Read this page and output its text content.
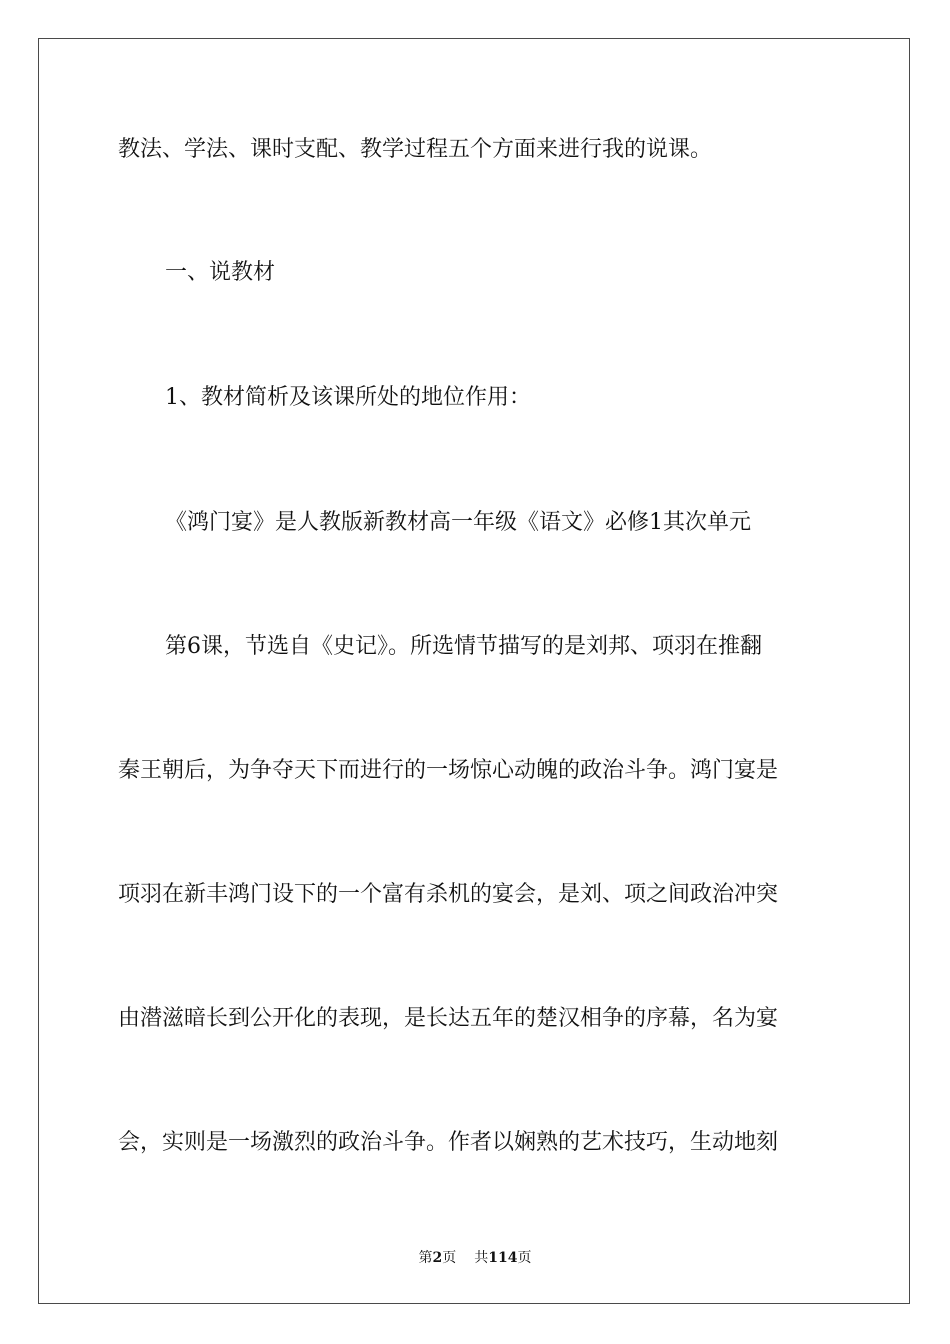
教法、学法、课时支配、教学过程五个方面来进行我的说课。
一、说教材
1、教材简析及该课所处的地位作用：
《鸿门宴》是人教版新教材高一年级《语文》必修1其次单元
第6课，节选自《史记》。所选情节描写的是刘邦、项羽在推翻
秦王朝后，为争夺天下而进行的一场惊心动魄的政治斗争。鸿门宴是
项羽在新丰鸿门设下的一个富有杀机的宴会，是刘、项之间政治冲突
由潜滋暗长到公开化的表现，是长达五年的楚汉相争的序幕，名为宴
会，实则是一场激烈的政治斗争。作者以娴熟的艺术技巧，生动地刻
第2页 共114页
